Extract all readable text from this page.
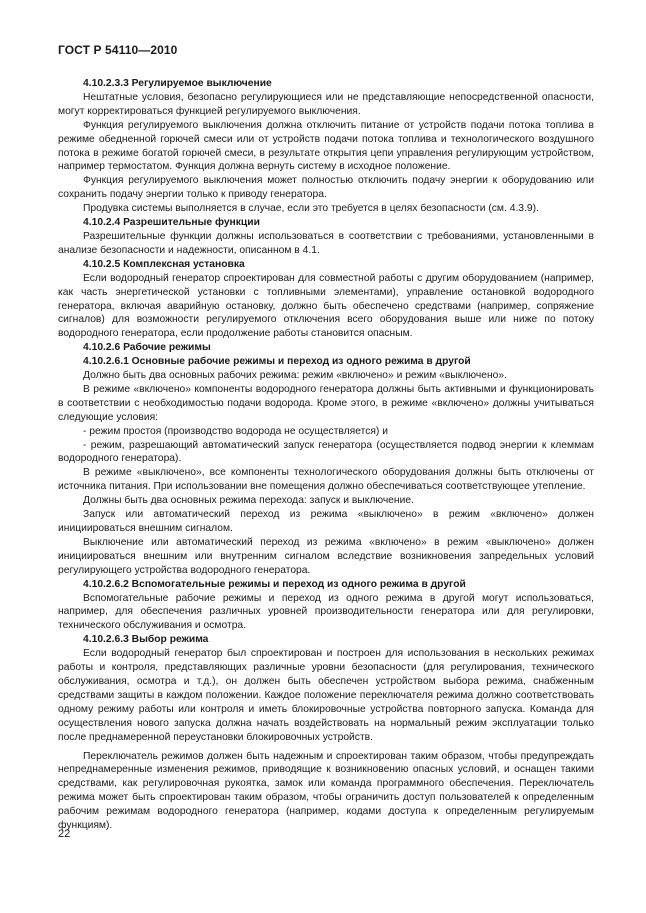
ГОСТ Р 54110—2010

4.10.2.3.3 Регулируемое выключение

Нештатные условия, безопасно регулирующиеся или не представляющие непосредственной опасности, могут корректироваться функцией регулируемого выключения.

Функция регулируемого выключения должна отключить питание от устройств подачи потока топлива в режиме обедненной горючей смеси или от устройств подачи потока топлива и технологического воздушного потока в режиме богатой горючей смеси, в результате открытия цепи управления регулирующим устройством, например термостатом. Функция должна вернуть систему в исходное положение.

Функция регулируемого выключения может полностью отключить подачу энергии к оборудованию или сохранить подачу энергии только к приводу генератора.

Продувка системы выполняется в случае, если это требуется в целях безопасности (см. 4.3.9).

4.10.2.4 Разрешительные функции

Разрешительные функции должны использоваться в соответствии с требованиями, установленными в анализе безопасности и надежности, описанном в 4.1.

4.10.2.5 Комплексная установка

Если водородный генератор спроектирован для совместной работы с другим оборудованием (например, как часть энергетической установки с топливными элементами), управление остановкой водородного генератора, включая аварийную остановку, должно быть обеспечено средствами (например, сопряжение сигналов) для возможности регулируемого отключения всего оборудования выше или ниже по потоку водородного генератора, если продолжение работы становится опасным.

4.10.2.6 Рабочие режимы

4.10.2.6.1 Основные рабочие режимы и переход из одного режима в другой

Должно быть два основных рабочих режима: режим «включено» и режим «выключено».

В режиме «включено» компоненты водородного генератора должны быть активными и функционировать в соответствии с необходимостью подачи водорода. Кроме этого, в режиме «включено» должны учитываться следующие условия:

- режим простоя (производство водорода не осуществляется) и

- режим, разрешающий автоматический запуск генератора (осуществляется подвод энергии к клеммам водородного генератора).

В режиме «выключено», все компоненты технологического оборудования должны быть отключены от источника питания. При использовании вне помещения должно обеспечиваться соответствующее утепление.

Должны быть два основных режима перехода: запуск и выключение.

Запуск или автоматический переход из режима «выключено» в режим «включено» должен инициироваться внешним сигналом.

Выключение или автоматический переход из режима «включено» в режим «выключено» должен инициироваться внешним или внутренним сигналом вследствие возникновения запредельных условий регулирующего устройства водородного генератора.

4.10.2.6.2 Вспомогательные режимы и переход из одного режима в другой

Вспомогательные рабочие режимы и переход из одного режима в другой могут использоваться, например, для обеспечения различных уровней производительности генератора или для регулировки, технического обслуживания и осмотра.

4.10.2.6.3 Выбор режима

Если водородный генератор был спроектирован и построен для использования в нескольких режимах работы и контроля, представляющих различные уровни безопасности (для регулирования, технического обслуживания, осмотра и т.д.), он должен быть обеспечен устройством выбора режима, снабженным средствами защиты в каждом положении. Каждое положение переключателя режима должно соответствовать одному режиму работы или контроля и иметь блокировочные устройства повторного запуска. Команда для осуществления нового запуска должна начать воздействовать на нормальный режим эксплуатации только после преднамеренной переустановки блокировочных устройств.

Переключатель режимов должен быть надежным и спроектирован таким образом, чтобы предупреждать непреднамеренные изменения режимов, приводящие к возникновению опасных условий, и оснащен такими средствами, как регулировочная рукоятка, замок или команда программного обеспечения. Переключатель режима может быть спроектирован таким образом, чтобы ограничить доступ пользователей к определенным рабочим режимам водородного генератора (например, кодами доступа к определенным регулируемым функциям).

22
